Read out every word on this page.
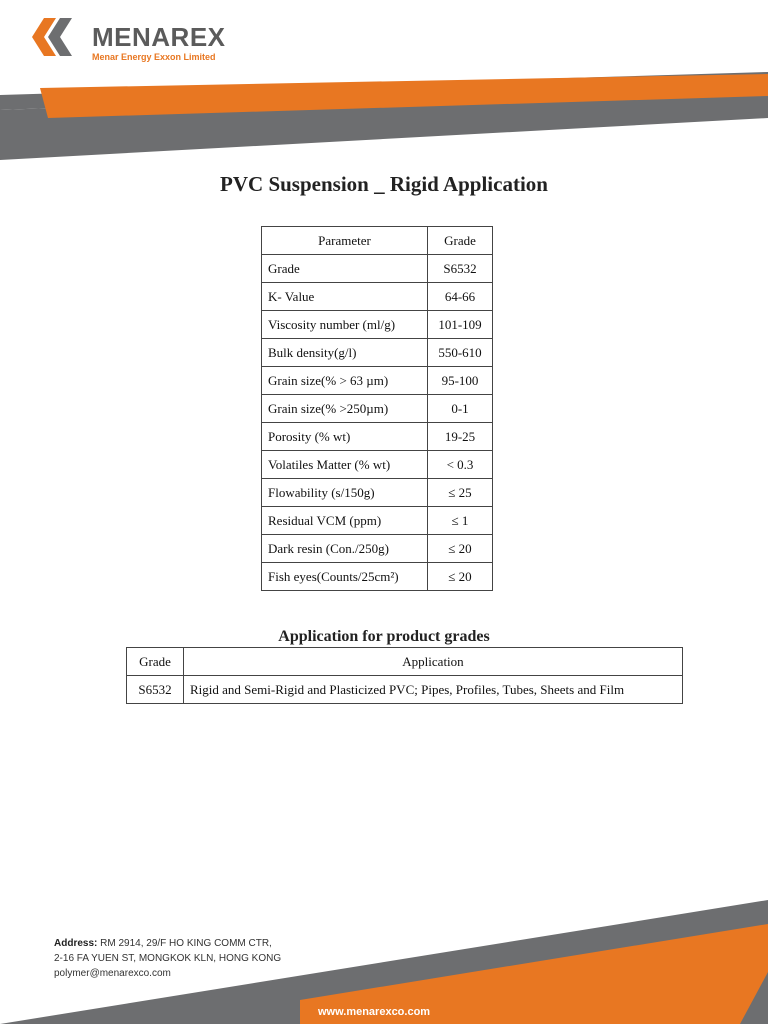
MENAREX
Menar Energy Exxon Limited
PVC Suspension _ Rigid Application
Parameter	Grade
Grade	S6532
K- Value	64-66
Viscosity number (ml/g)	101-109
Bulk density(g/l)	550-610
Grain size(% > 63 µm)	95-100
Grain size(% >250µm)	0-1
Porosity (% wt)	19-25
Volatiles Matter (% wt)	< 0.3
Flowability (s/150g)	≤ 25
Residual VCM (ppm)	≤ 1
Dark resin (Con./250g)	≤ 20
Fish eyes(Counts/25cm²)	≤ 20
Application for product grades
Grade	Application
S6532	Rigid and Semi-Rigid and Plasticized PVC; Pipes, Profiles, Tubes, Sheets and Film
Address: RM 2914, 29/F HO KING COMM CTR,
2-16 FA YUEN ST, MONGKOK KLN, HONG KONG
polymer@menarexco.com
www.menarexco.com
